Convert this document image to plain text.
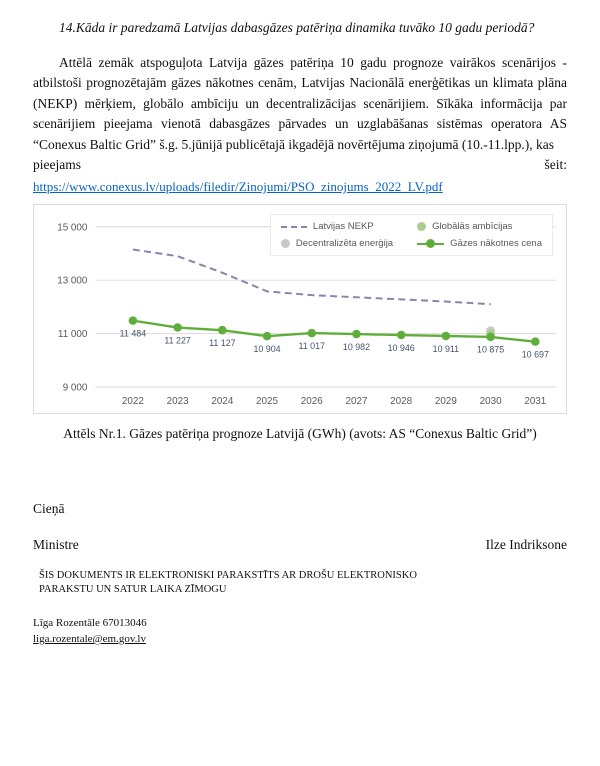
14.Kāda ir paredzamā Latvijas dabasgāzes patēriņa dinamika tuvāko 10 gadu periodā?

Attēlā zemāk atspoguļota Latvija gāzes patēriņa 10 gadu prognoze vairākos scenārijos - atbilstoši prognozētajām gāzes nākotnes cenām, Latvijas Nacionālā enerģētikas un klimata plāna (NEKP) mērķiem, globālo ambīciju un decentralizācijas scenārijiem. Sīkāka informācija par scenārijiem pieejama vienotā dabasgāzes pārvades un uzglabāšanas sistēmas operatora AS “Conexus Baltic Grid” š.g. 5.jūnijā publicētajā ikgadējā novērtējuma ziņojumā (10.-11.lpp.), kas

pieejams	šeit:
https://www.conexus.lv/uploads/filedir/Zinojumi/PSO_zinojums_2022_LV.pdf
Latvijas NEKP	Globālās ambīcijas
Decentralizēta enerģija	Gāzes nākotnes cena
15 000
13 000
11 000
9 000
2022 2023 2024 2025 2026 2027 2028 2029 2030 2031
11 484
11 227 11 127
10 904 11 017 10 982 10 946 10 911 10 875 10 697
Attēls Nr.1. Gāzes patēriņa prognoze Latvijā (GWh) (avots: AS “Conexus Baltic Grid”)
Cieņā
Ministre	Ilze Indriksone
ŠIS DOKUMENTS IR ELEKTRONISKI PARAKSTĪTS AR DROŠU ELEKTRONISKO PARAKSTU UN SATUR LAIKA ZĪMOGU
Līga Rozentāle 67013046
liga.rozentale@em.gov.lv
